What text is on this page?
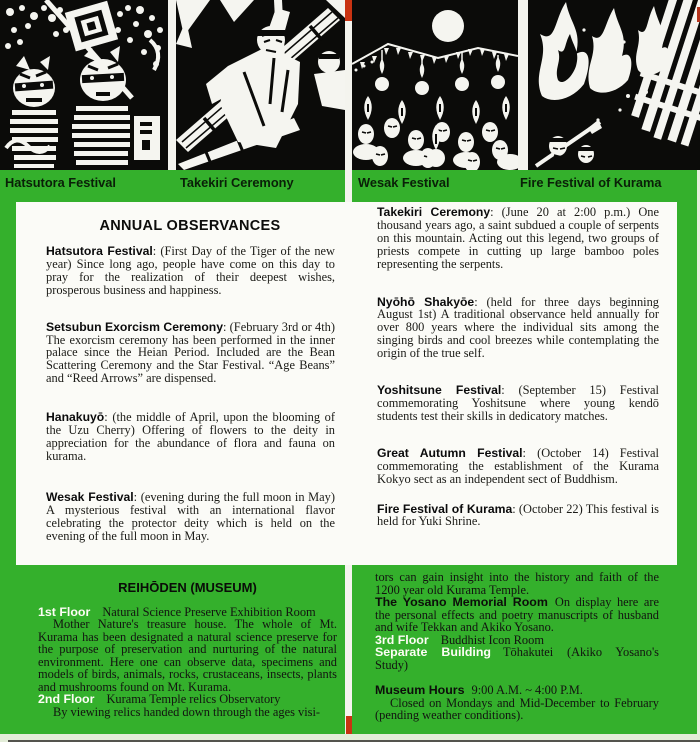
Hatsutora Festival	Takekiri Ceremony	Wesak Festival	Fire Festival of Kurama
ANNUAL OBSERVANCES

Hatsutora Festival: (First Day of the Tiger of the new year) Since long ago, people have come on this day to pray for the realization of their deepest wishes, prosperous business and happiness.

Setsubun Exorcism Ceremony: (February 3rd or 4th) The exorcism ceremony has been performed in the inner palace since the Heian Period. Included are the Bean Scattering Ceremony and the Star Festival. “Age Beans” and “Reed Arrows” are dispensed.

Hanakuyō: (the middle of April, upon the blooming of the Uzu Cherry) Offering of flowers to the deity in appreciation for the abundance of flora and fauna on kurama.

Wesak Festival: (evening during the full moon in May) A mysterious festival with an international flavor celebrating the protector deity which is held on the evening of the full moon in May.

Takekiri Ceremony: (June 20 at 2:00 p.m.) One thousand years ago, a saint subdued a couple of serpents on this mountain. Acting out this legend, two groups of priests compete in cutting up large bamboo poles representing the serpents.

Nyōhō Shakyōe: (held for three days beginning August 1st) A traditional observance held annually for over 800 years where the individual sits among the singing birds and cool breezes while contemplating the origin of the true self.

Yoshitsune Festival: (September 15) Festival commemorating Yoshitsune where young kendō students test their skills in dedicatory matches.

Great Autumn Festival: (October 14) Festival commemorating the establishment of the Kurama Kokyo sect as an independent sect of Buddhism.

Fire Festival of Kurama: (October 22) This festival is held for Yuki Shrine.

REIHŌDEN (MUSEUM)

1st Floor Natural Science Preserve Exhibition Room

Mother Nature's treasure house. The whole of Mt. Kurama has been designated a natural science preserve for the purpose of preservation and nurturing of the natural environment. Here one can observe data, specimens and models of birds, animals, rocks, crustaceans, insects, plants and mushrooms found on Mt. Kurama.

2nd Floor Kurama Temple relics Observatory

By viewing relics handed down through the ages visi-

tors can gain insight into the history and faith of the 1200 year old Kurama Temple.

The Yosano Memorial Room On display here are the personal effects and poetry manuscripts of husband and wife Tekkan and Akiko Yosano.

3rd Floor Buddhist Icon Room

Separate Building Tōhakutei (Akiko Yosano's Study)

Museum Hours 9:00 A.M. ~ 4:00 P.M.

Closed on Mondays and Mid-December to February (pending weather conditions).
